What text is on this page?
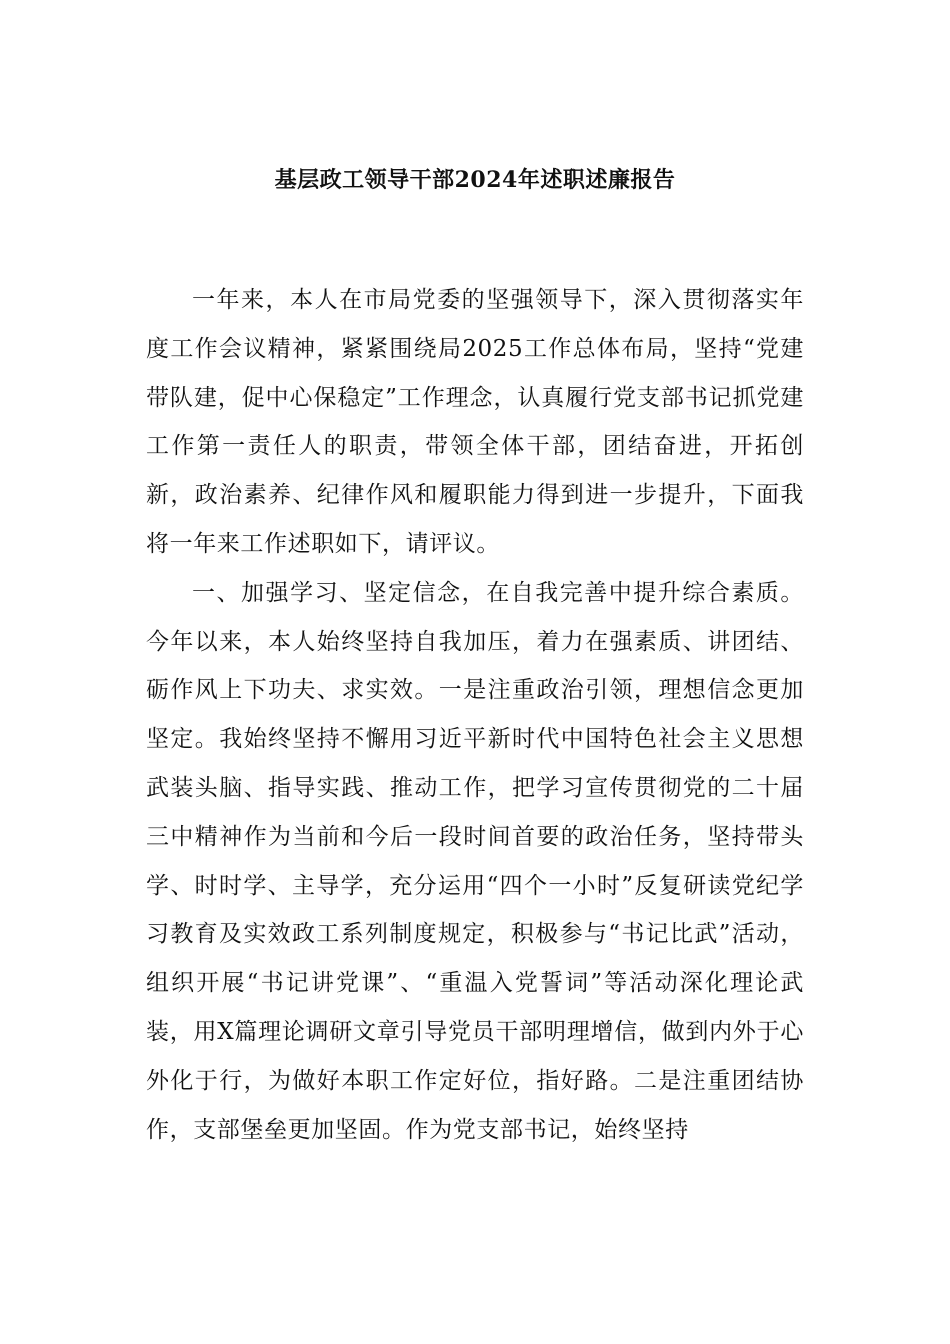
基层政工领导干部2024年述职述廉报告

一年来，本人在市局党委的坚强领导下，深入贯彻落实年度工作会议精神，紧紧围绕局2025工作总体布局，坚持“党建带队建，促中心保稳定”工作理念，认真履行党支部书记抓党建工作第一责任人的职责，带领全体干部，团结奋进，开拓创新，政治素养、纪律作风和履职能力得到进一步提升，下面我将一年来工作述职如下，请评议。

一、加强学习、坚定信念，在自我完善中提升综合素质。今年以来，本人始终坚持自我加压，着力在强素质、讲团结、砺作风上下功夫、求实效。一是注重政治引领，理想信念更加坚定。我始终坚持不懈用习近平新时代中国特色社会主义思想武装头脑、指导实践、推动工作，把学习宣传贯彻党的二十届三中精神作为当前和今后一段时间首要的政治任务，坚持带头学、时时学、主导学，充分运用“四个一小时”反复研读党纪学习教育及实效政工系列制度规定，积极参与“书记比武”活动，组织开展“书记讲党课”、“重温入党誓词”等活动深化理论武装，用X篇理论调研文章引导党员干部明理增信，做到内外于心外化于行，为做好本职工作定好位，指好路。二是注重团结协作，支部堡垒更加坚固。作为党支部书记，始终坚持
